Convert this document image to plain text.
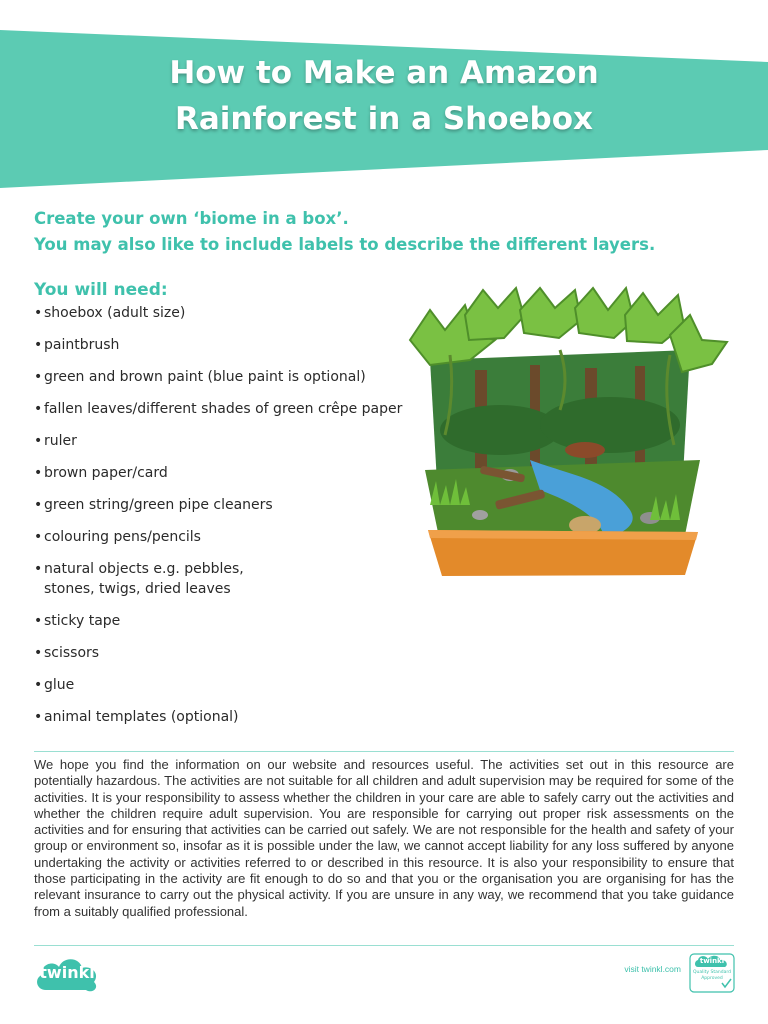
How to Make an Amazon
Rainforest in a Shoebox
Create your own ‘biome in a box’.
You may also like to include labels to describe the different layers.
You will need:
• shoebox (adult size)
• paintbrush
• green and brown paint (blue paint is optional)
• fallen leaves/different shades of green crêpe paper
• ruler
• brown paper/card
• green string/green pipe cleaners
• colouring pens/pencils
• natural objects e.g. pebbles,
stones, twigs, dried leaves
• sticky tape
• scissors
• glue
• animal templates (optional)

We hope you find the information on our website and resources useful. The activities set out in this resource are potentially hazardous. The activities are not suitable for all children and adult supervision may be required for some of the activities. It is your responsibility to assess whether the children in your care are able to safely carry out the activities and whether the children require adult supervision. You are responsible for carrying out proper risk assessments on the activities and for ensuring that activities can be carried out safely. We are not responsible for the health and safety of your group or environment so, insofar as it is possible under the law, we cannot accept liability for any loss suffered by anyone undertaking the activity or activities referred to or described in this resource. It is also your responsibility to ensure that those participating in the activity are fit enough to do so and that you or the organisation you are organising for has the relevant insurance to carry out the physical activity. If you are unsure in any way, we recommend that you take guidance from a suitably qualified professional.

twinkl	visit twinkl.com
twinkl
Quality Standard
Approved
